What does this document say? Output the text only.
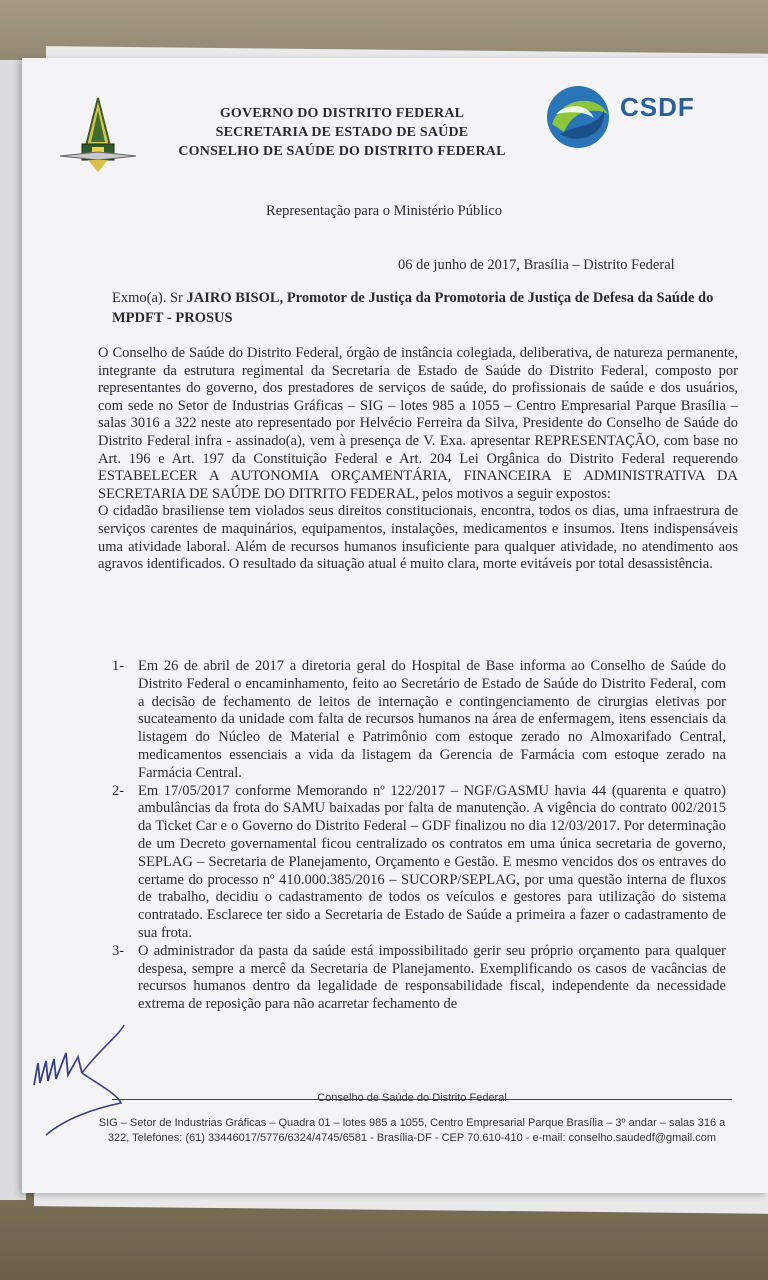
GOVERNO DO DISTRITO FEDERAL
SECRETARIA DE ESTADO DE SAÚDE
CONSELHO DE SAÚDE DO DISTRITO FEDERAL
CSDF
Representação para o Ministério Público
06 de junho de 2017, Brasília – Distrito Federal
Exmo(a). Sr JAIRO BISOL, Promotor de Justiça da Promotoria de Justiça de Defesa da Saúde do MPDFT - PROSUS

O Conselho de Saúde do Distrito Federal, órgão de instância colegiada, deliberativa, de natureza permanente, integrante da estrutura regimental da Secretaria de Estado de Saúde do Distrito Federal, composto por representantes do governo, dos prestadores de serviços de saúde, do profissionais de saúde e dos usuários, com sede no Setor de Industrias Gráficas – SIG – lotes 985 a 1055 – Centro Empresarial Parque Brasília – salas 3016 a 322 neste ato representado por Helvécio Ferreira da Silva, Presidente do Conselho de Saúde do Distrito Federal infra - assinado(a), vem à presença de V. Exa. apresentar REPRESENTAÇÃO, com base no Art. 196 e Art. 197 da Constituição Federal e Art. 204 Lei Orgânica do Distrito Federal requerendo ESTABELECER A AUTONOMIA ORÇAMENTÁRIA, FINANCEIRA E ADMINISTRATIVA DA SECRETARIA DE SAÚDE DO DITRITO FEDERAL, pelos motivos a seguir expostos:

O cidadão brasiliense tem violados seus direitos constitucionais, encontra, todos os dias, uma infraestrura de serviços carentes de maquinários, equipamentos, instalações, medicamentos e insumos. Itens indispensáveis uma atividade laboral. Além de recursos humanos insuficiente para qualquer atividade, no atendimento aos agravos identificados. O resultado da situação atual é muito clara, morte evitáveis por total desassistência.

1- Em 26 de abril de 2017 a diretoria geral do Hospital de Base informa ao Conselho de Saúde do Distrito Federal o encaminhamento, feito ao Secretário de Estado de Saúde do Distrito Federal, com a decisão de fechamento de leitos de internação e contingenciamento de cirurgias eletivas por sucateamento da unidade com falta de recursos humanos na área de enfermagem, itens essenciais da listagem do Núcleo de Material e Patrimônio com estoque zerado no Almoxarifado Central, medicamentos essenciais a vida da listagem da Gerencia de Farmácia com estoque zerado na Farmácia Central.
2- Em 17/05/2017 conforme Memorando nº 122/2017 – NGF/GASMU havia 44 (quarenta e quatro) ambulâncias da frota do SAMU baixadas por falta de manutenção. A vigência do contrato 002/2015 da Ticket Car e o Governo do Distrito Federal – GDF finalizou no dia 12/03/2017. Por determinação de um Decreto governamental ficou centralizado os contratos em uma única secretaria de governo, SEPLAG – Secretaria de Planejamento, Orçamento e Gestão. E mesmo vencidos dos os entraves do certame do processo nº 410.000.385/2016 – SUCORP/SEPLAG, por uma questão interna de fluxos de trabalho, decidiu o cadastramento de todos os veículos e gestores para utilização do sistema contratado. Esclarece ter sido a Secretaria de Estado de Saúde a primeira a fazer o cadastramento de sua frota.
3- O administrador da pasta da saúde está impossibilitado gerir seu próprio orçamento para qualquer despesa, sempre a mercê da Secretaria de Planejamento. Exemplificando os casos de vacâncias de recursos humanos dentro da legalidade de responsabilidade fiscal, independente da necessidade extrema de reposição para não acarretar fechamento de
Conselho de Saúde do Distrito Federal
SIG – Setor de Industrias Gráficas – Quadra 01 – lotes 985 a 1055, Centro Empresarial Parque Brasília – 3º andar – salas 316 a
322, Telefones: (61) 33446017/5776/6324/4745/6581 - Brasília-DF - CEP 70.610-410 - e-mail: conselho.saudedf@gmail.com
